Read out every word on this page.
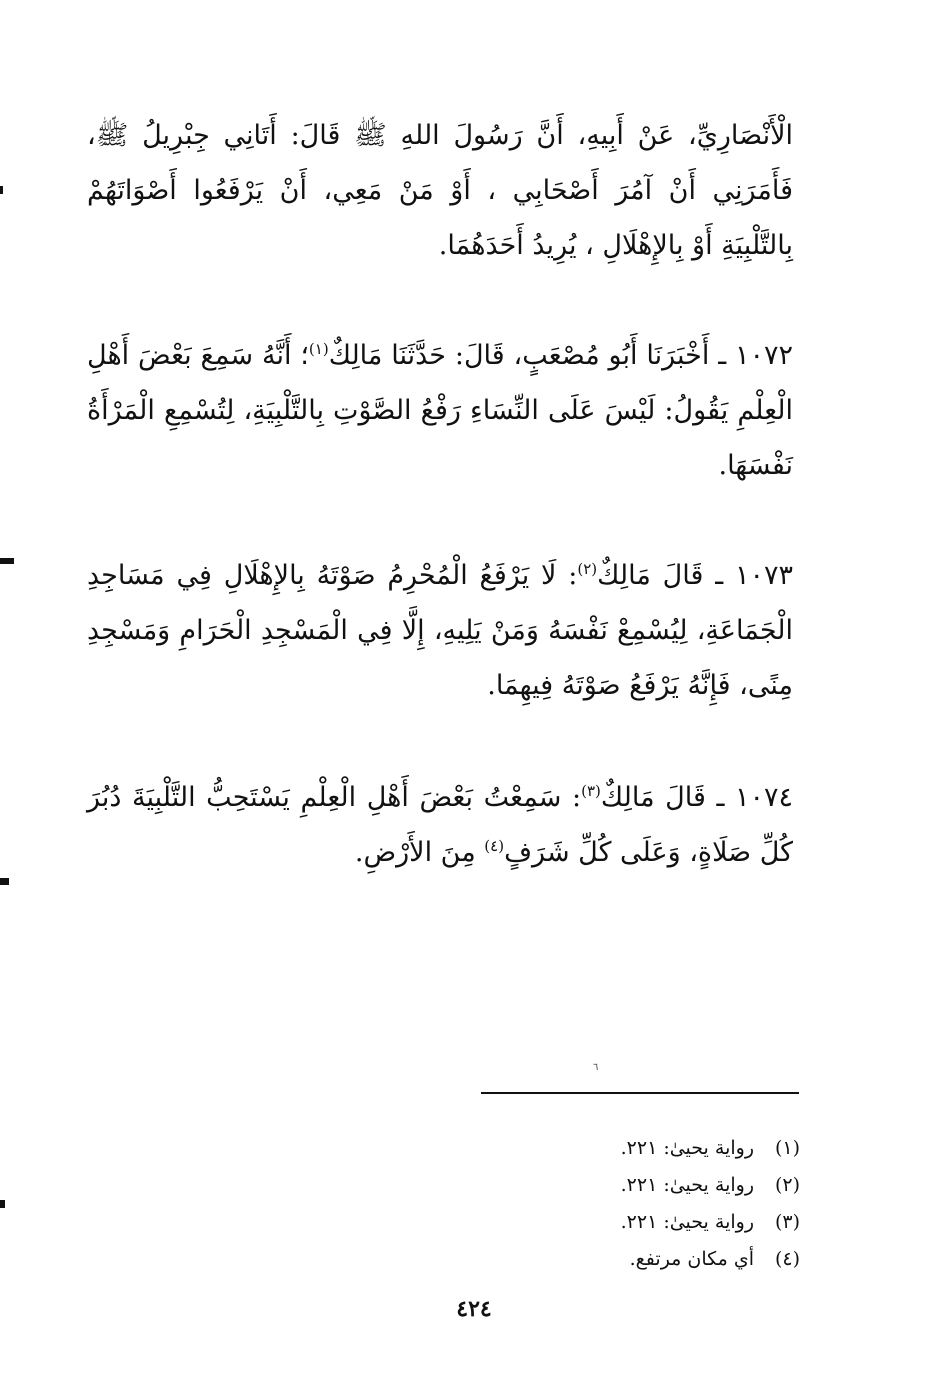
الْأَنْصَارِيِّ، عَنْ أَبِيهِ، أَنَّ رَسُولَ اللهِ ﷺ قَالَ: أَتَانِي جِبْرِيلُ ﷺ، فَأَمَرَنِي أَنْ آمُرَ أَصْحَابِي ، أَوْ مَنْ مَعِي، أَنْ يَرْفَعُوا أَصْوَاتَهُمْ بِالتَّلْبِيَةِ أَوْ بِالإِهْلَالِ ، يُرِيدُ أَحَدَهُمَا.
١٠٧٢ ـ أَخْبَرَنَا أَبُو مُصْعَبٍ، قَالَ: حَدَّثَنَا مَالِكٌ$^{(١)}$؛ أَنَّهُ سَمِعَ بَعْضَ أَهْلِ الْعِلْمِ يَقُولُ: لَيْسَ عَلَى النِّسَاءِ رَفْعُ الصَّوْتِ بِالتَّلْبِيَةِ، لِتُسْمِعِ الْمَرْأَةُ نَفْسَهَا.
١٠٧٣ ـ قَالَ مَالِكٌ$^{(٢)}$: لَا يَرْفَعُ الْمُحْرِمُ صَوْتَهُ بِالإِهْلَالِ فِي مَسَاجِدِ الْجَمَاعَةِ، لِيُسْمِعْ نَفْسَهُ وَمَنْ يَلِيهِ، إِلَّا فِي الْمَسْجِدِ الْحَرَامِ وَمَسْجِدِ مِنًى، فَإِنَّهُ يَرْفَعُ صَوْتَهُ فِيهِمَا.
١٠٧٤ ـ قَالَ مَالِكٌ$^{(٣)}$: سَمِعْتُ بَعْضَ أَهْلِ الْعِلْمِ يَسْتَحِبُّ التَّلْبِيَةَ دُبُرَ كُلِّ صَلَاةٍ، وَعَلَى كُلِّ شَرَفٍ$^{(٤)}$ مِنَ الأَرْضِ.
٦
(١)
رواية يحيىٰ: ٢٢١.
(٢)
رواية يحيىٰ: ٢٢١.
(٣)
رواية يحيىٰ: ٢٢١.
(٤)
أي مكان مرتفع.
٤٢٤
